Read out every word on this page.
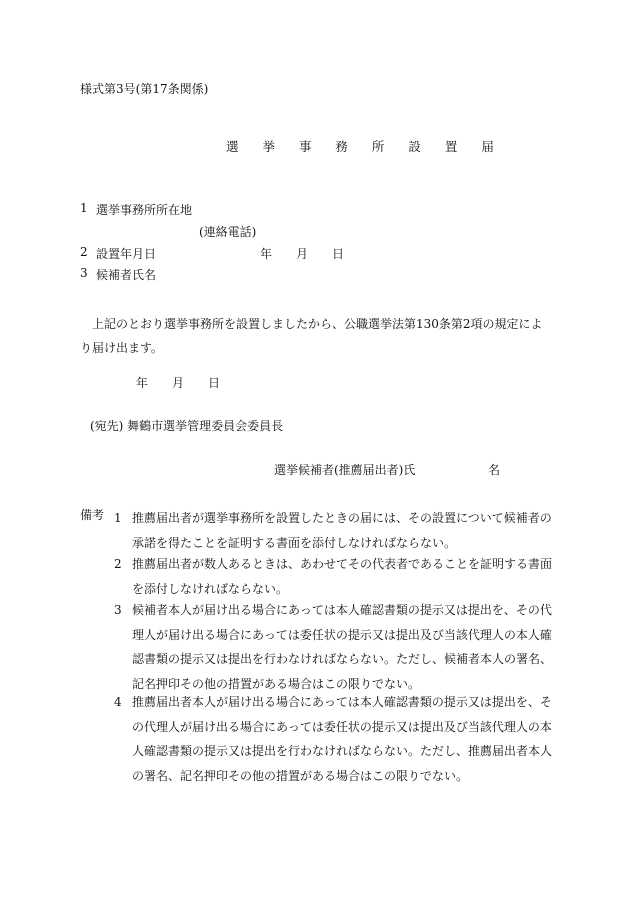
様式第3号(第17条関係)
選 挙 事 務 所 設 置 届
1 選挙事務所所在地
(連絡電話)
2 設置年月日	年 月 日
3 候補者氏名
上記のとおり選挙事務所を設置しましたから、公職選挙法第130条第2項の規定により届け出ます。
年 月 日
(宛先) 舞鶴市選挙管理委員会委員長
選挙候補者(推薦届出者)氏	名
備考 1 推薦届出者が選挙事務所を設置したときの届には、その設置について候補者の承諾を得たことを証明する書面を添付しなければならない。
2 推薦届出者が数人あるときは、あわせてその代表者であることを証明する書面を添付しなければならない。
3 候補者本人が届け出る場合にあっては本人確認書類の提示又は提出を、その代理人が届け出る場合にあっては委任状の提示又は提出及び当該代理人の本人確認書類の提示又は提出を行わなければならない。ただし、候補者本人の署名、記名押印その他の措置がある場合はこの限りでない。
4 推薦届出者本人が届け出る場合にあっては本人確認書類の提示又は提出を、その代理人が届け出る場合にあっては委任状の提示又は提出及び当該代理人の本人確認書類の提示又は提出を行わなければならない。ただし、推薦届出者本人の署名、記名押印その他の措置がある場合はこの限りでない。
